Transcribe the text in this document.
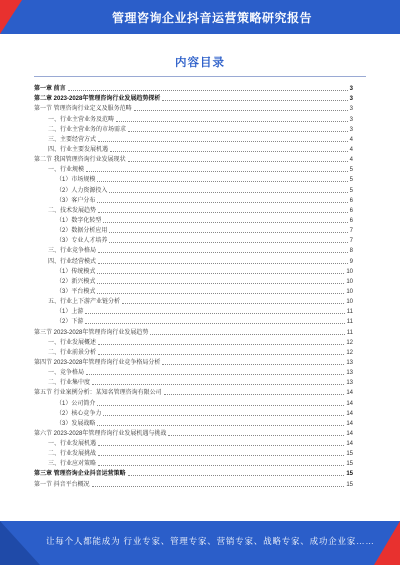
管理咨询企业抖音运营策略研究报告
内容目录
第一章 前言	3
第二章 2023-2028年管理咨询行业发展趋势探析	3
第一节 管理咨询行业定义及服务范畴	3
一、行业主营业务及范畴	3
二、行业主营业务的市场需求	3
三、主要经营方式	4
四、行业主要发展机遇	4
第二节 我国管理咨询行业发展现状	4
一、行业规模	5
（1）市场规模	5
（2）人力资源投入	5
（3）客户分布	6
二、技术发展趋势	6
（1）数字化转型	6
（2）数据分析应用	7
（3）专业人才培养	7
三、行业竞争格局	8
四、行业经营模式	9
（1）传统模式	10
（2）新兴模式	10
（3）平台模式	10
五、行业上下游产业链分析	10
（1）上游	11
（2）下游	11
第三节 2023-2028年管理咨询行业发展趋势	11
一、行业发展概述	12
二、行业前景分析	12
第四节 2023-2028年管理咨询行业竞争格局分析	13
一、竞争格局	13
二、行业集中度	13
第五节 行业案例分析：某知名管理咨询有限公司	14
（1）公司简介	14
（2）核心竞争力	14
（3）发展战略	14
第六节 2023-2028年管理咨询行业发展机遇与挑战	14
一、行业发展机遇	14
二、行业发展挑战	15
三、行业应对策略	15
第三章 管理咨询企业抖音运营策略	15
第一节 抖音平台概况	15
让每个人都能成为 行业专家、管理专家、营销专家、战略专家、成功企业家……
